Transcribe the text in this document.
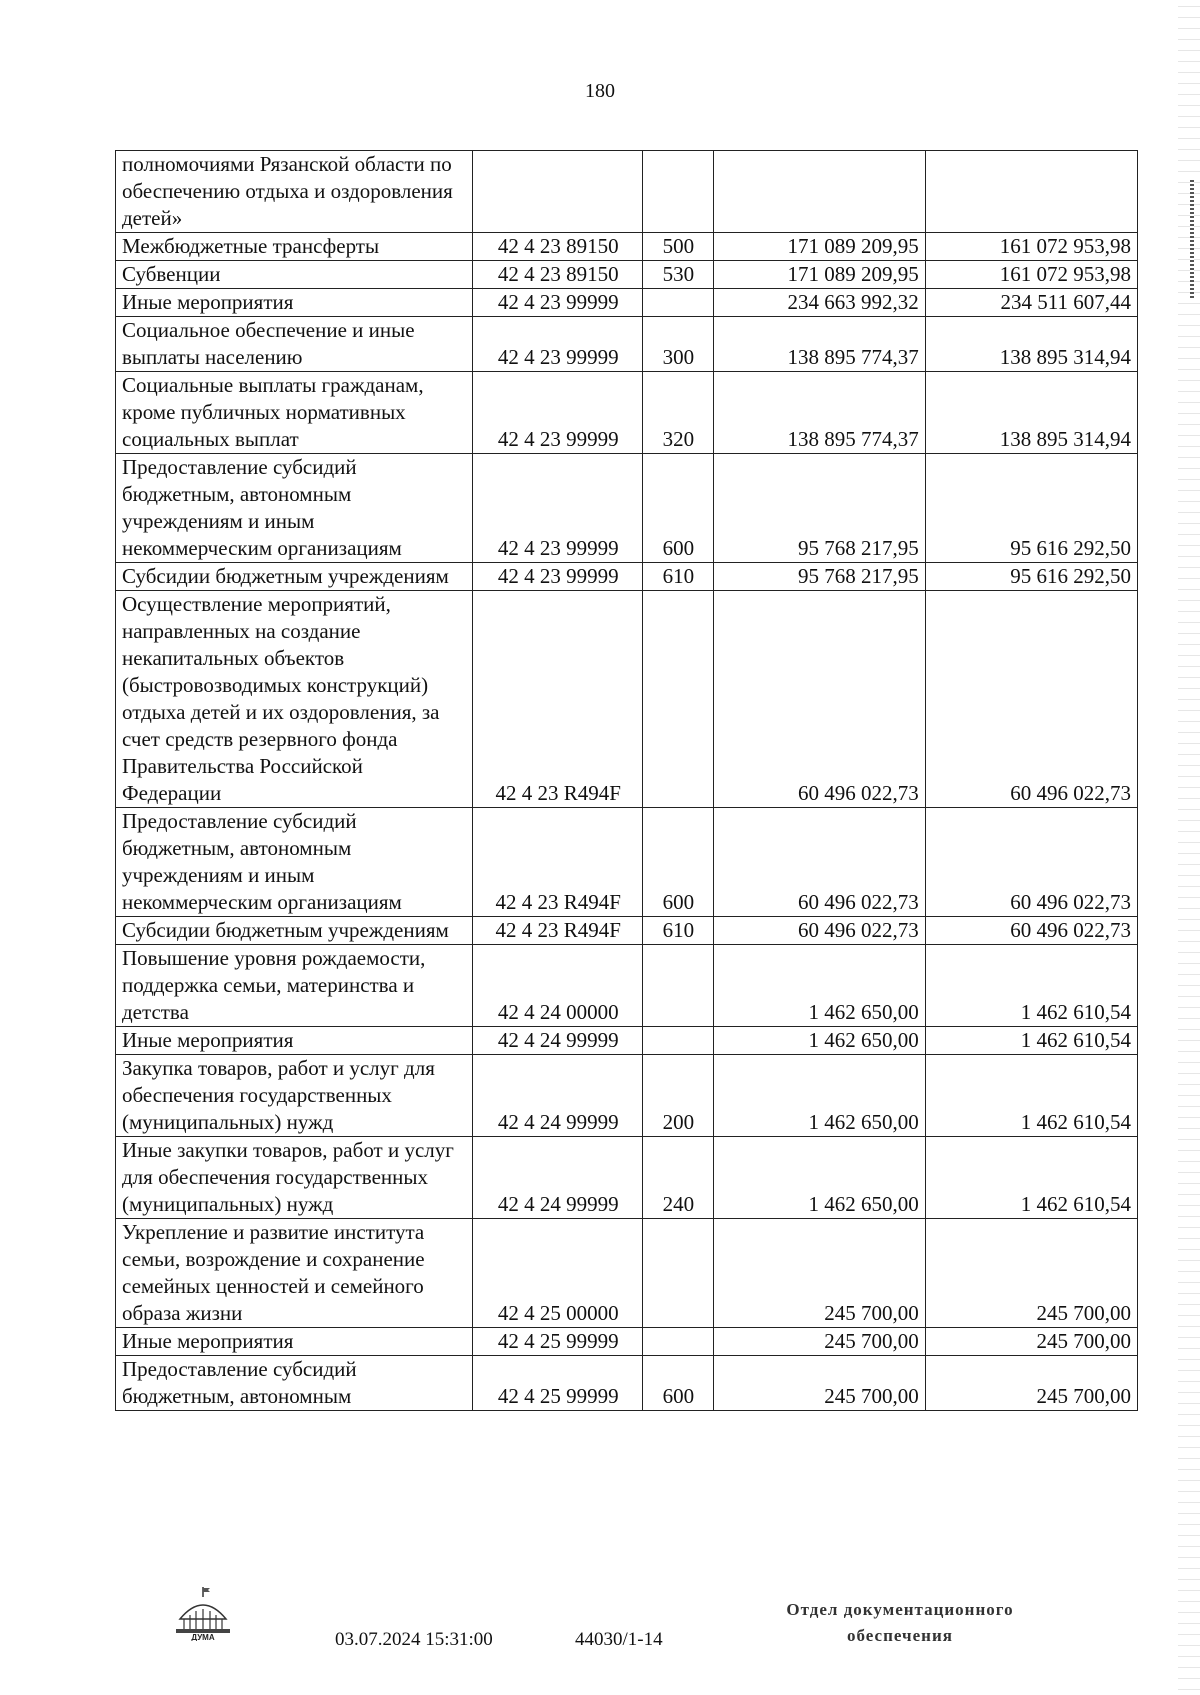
180
полномочиями Рязанской области по обеспечению отдыха и оздоровления детей»				
Межбюджетные трансферты	42 4 23 89150	500	171 089 209,95	161 072 953,98
Субвенции	42 4 23 89150	530	171 089 209,95	161 072 953,98
Иные мероприятия	42 4 23 99999		234 663 992,32	234 511 607,44
Социальное обеспечение и иные выплаты населению	42 4 23 99999	300	138 895 774,37	138 895 314,94
Социальные выплаты гражданам, кроме публичных нормативных социальных выплат	42 4 23 99999	320	138 895 774,37	138 895 314,94
Предоставление субсидий бюджетным, автономным учреждениям и иным некоммерческим организациям	42 4 23 99999	600	95 768 217,95	95 616 292,50
Субсидии бюджетным учреждениям	42 4 23 99999	610	95 768 217,95	95 616 292,50
Осуществление мероприятий, направленных на создание некапитальных объектов (быстровозводимых конструкций) отдыха детей и их оздоровления, за счет средств резервного фонда Правительства Российской Федерации	42 4 23 R494F		60 496 022,73	60 496 022,73
Предоставление субсидий бюджетным, автономным учреждениям и иным некоммерческим организациям	42 4 23 R494F	600	60 496 022,73	60 496 022,73
Субсидии бюджетным учреждениям	42 4 23 R494F	610	60 496 022,73	60 496 022,73
Повышение уровня рождаемости, поддержка семьи, материнства и детства	42 4 24 00000		1 462 650,00	1 462 610,54
Иные мероприятия	42 4 24 99999		1 462 650,00	1 462 610,54
Закупка товаров, работ и услуг для обеспечения государственных (муниципальных) нужд	42 4 24 99999	200	1 462 650,00	1 462 610,54
Иные закупки товаров, работ и услуг для обеспечения государственных (муниципальных) нужд	42 4 24 99999	240	1 462 650,00	1 462 610,54
Укрепление и развитие института семьи, возрождение и сохранение семейных ценностей и семейного образа жизни	42 4 25 00000		245 700,00	245 700,00
Иные мероприятия	42 4 25 99999		245 700,00	245 700,00
Предоставление субсидий бюджетным, автономным	42 4 25 99999	600	245 700,00	245 700,00
ДУМА	03.07.2024 15:31:00	44030/1-14
Отдел документационного
обеспечения
